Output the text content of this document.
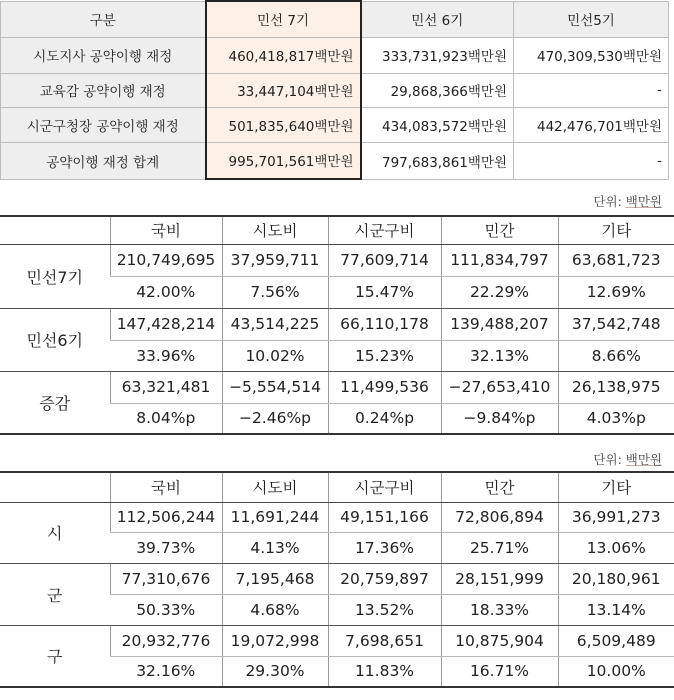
구분	민선 7기	민선 6기	민선5기
시도지사 공약이행 재정	460,418,817백만원	333,731,923백만원	470,309,530백만원
교육감 공약이행 재정	33,447,104백만원	29,868,366백만원	-
시군구청장 공약이행 재정	501,835,640백만원	434,083,572백만원	442,476,701백만원
공약이행 재정 합계	995,701,561백만원	797,683,861백만원	-
단위: 백만원
	국비	시도비	시군구비	민간	기타
민선7기	210,749,695	37,959,711	77,609,714	111,834,797	63,681,723
	42.00%	7.56%	15.47%	22.29%	12.69%
민선6기	147,428,214	43,514,225	66,110,178	139,488,207	37,542,748
	33.96%	10.02%	15.23%	32.13%	8.66%
증감	63,321,481	−5,554,514	11,499,536	−27,653,410	26,138,975
	8.04%p	−2.46%p	0.24%p	−9.84%p	4.03%p
단위: 백만원
	국비	시도비	시군구비	민간	기타
시	112,506,244	11,691,244	49,151,166	72,806,894	36,991,273
	39.73%	4.13%	17.36%	25.71%	13.06%
군	77,310,676	7,195,468	20,759,897	28,151,999	20,180,961
	50.33%	4.68%	13.52%	18.33%	13.14%
구	20,932,776	19,072,998	7,698,651	10,875,904	6,509,489
	32.16%	29.30%	11.83%	16.71%	10.00%
